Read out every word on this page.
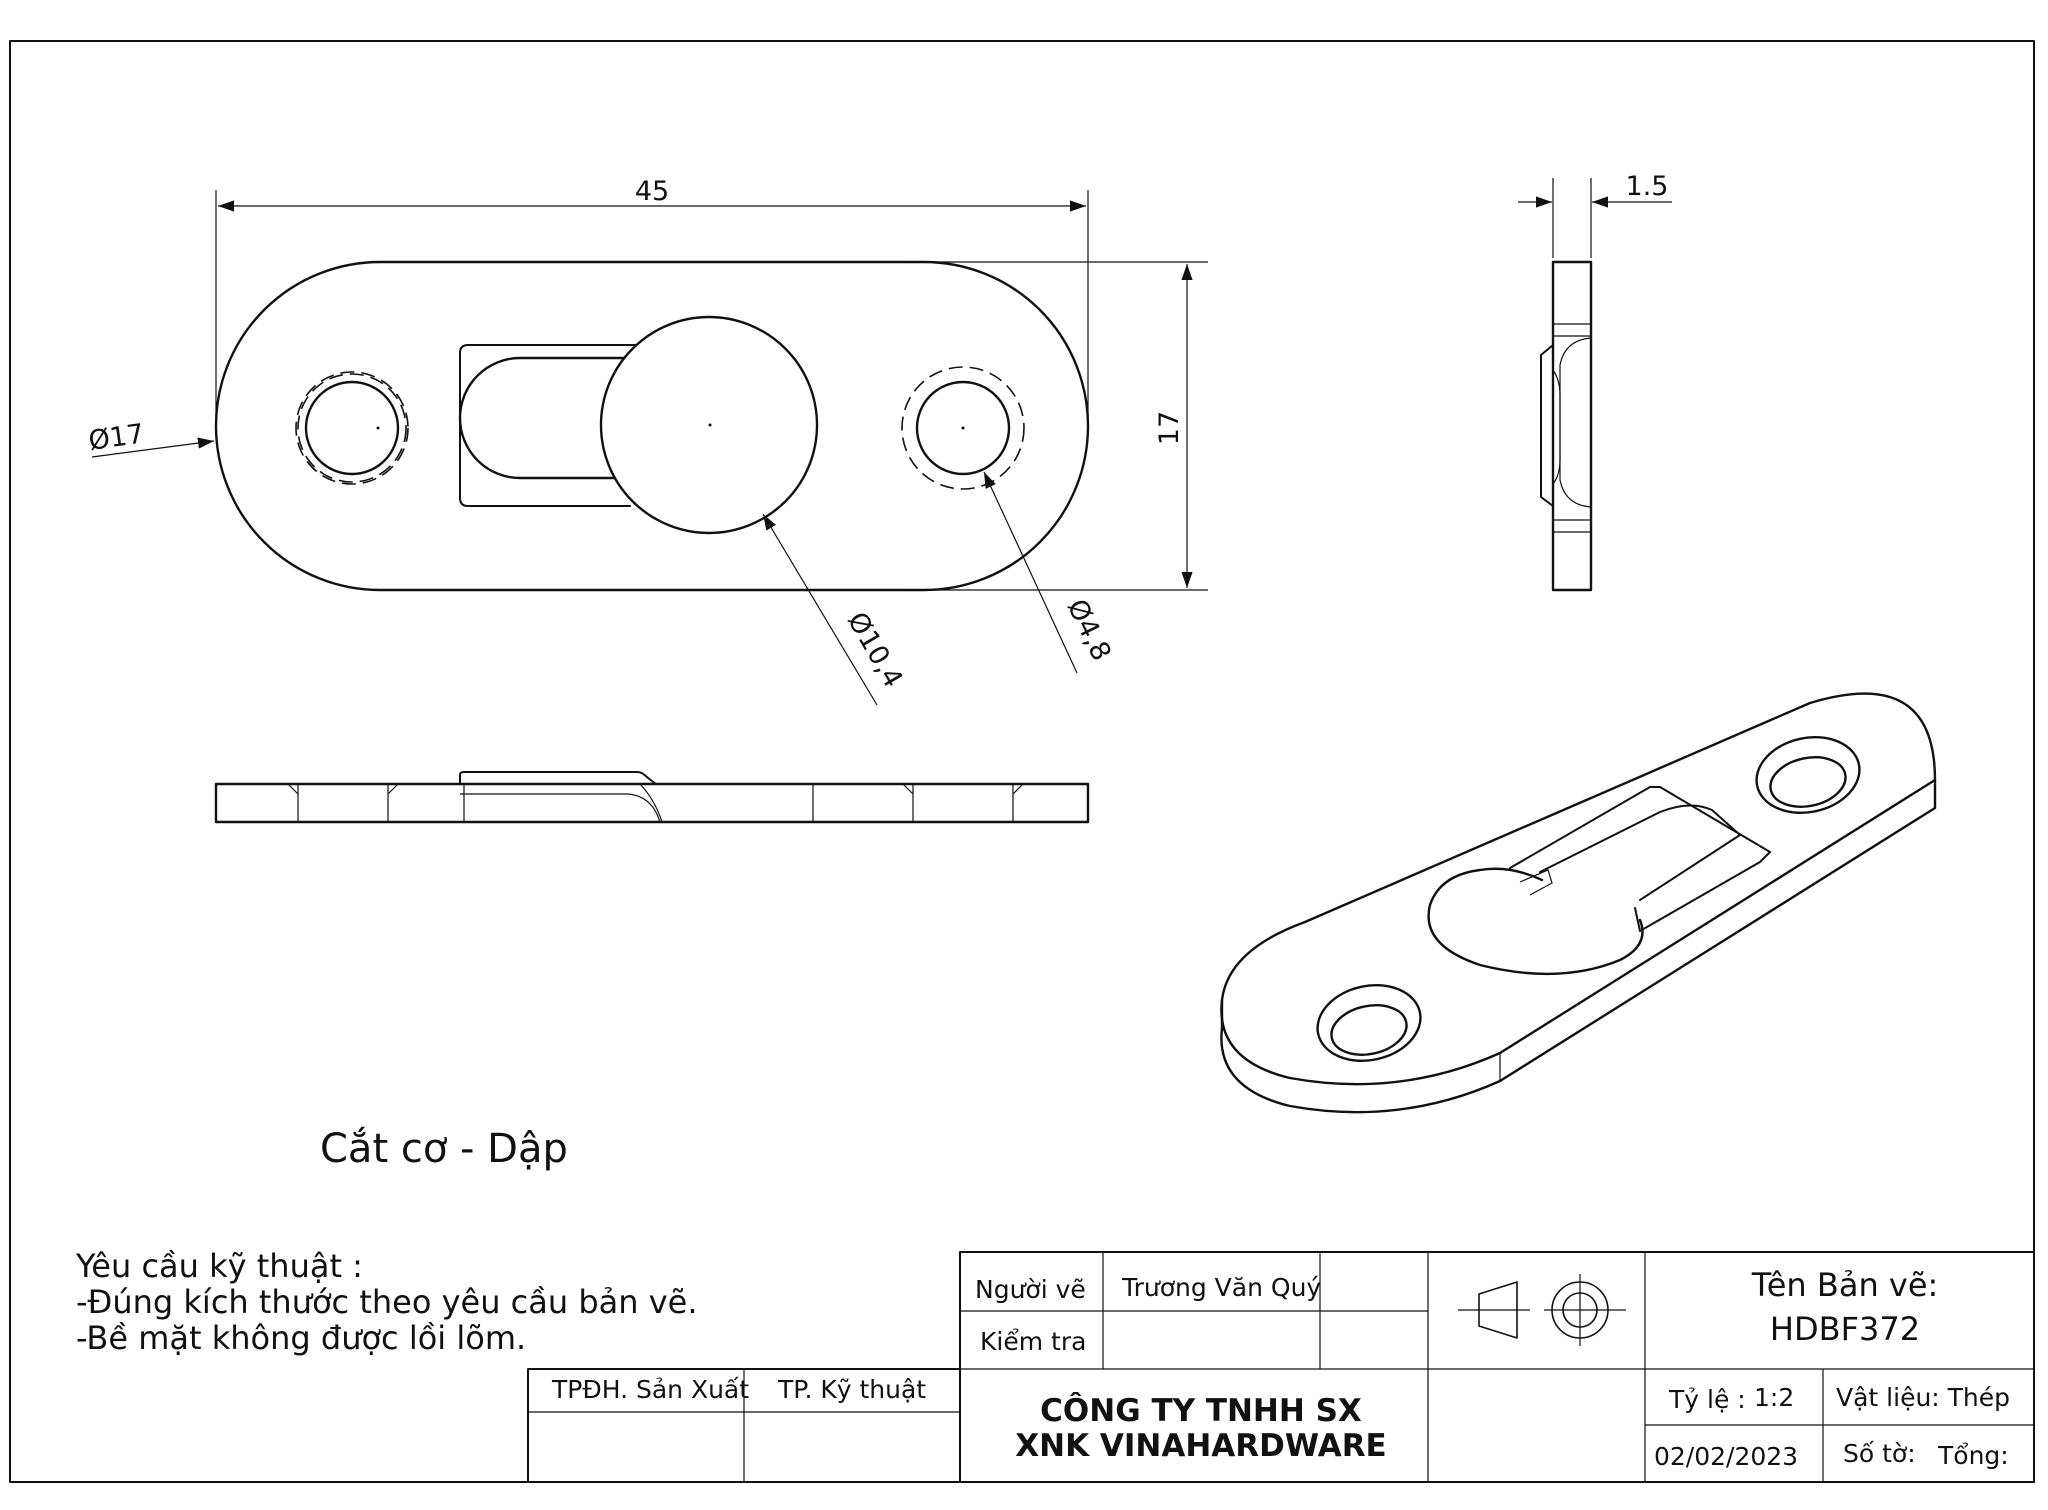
45
17
Ø17
Ø10,4	Ø4,8
1.5
Cắt cơ - Dập
Yêu cầu kỹ thuật :
-Đúng kích thước theo yêu cầu bản vẽ.
-Bề mặt không được lồi lõm.
Người vẽ Trương Văn Quý
Kiểm tra
TPĐH. Sản Xuất TP. Kỹ thuật
CÔNG TY TNHH SX
XNK VINAHARDWARE
Tên Bản vẽ:
HDBF372
Tỷ lệ : 1:2 Vật liệu: Thép
02/02/2023 Số tờ: Tổng:
